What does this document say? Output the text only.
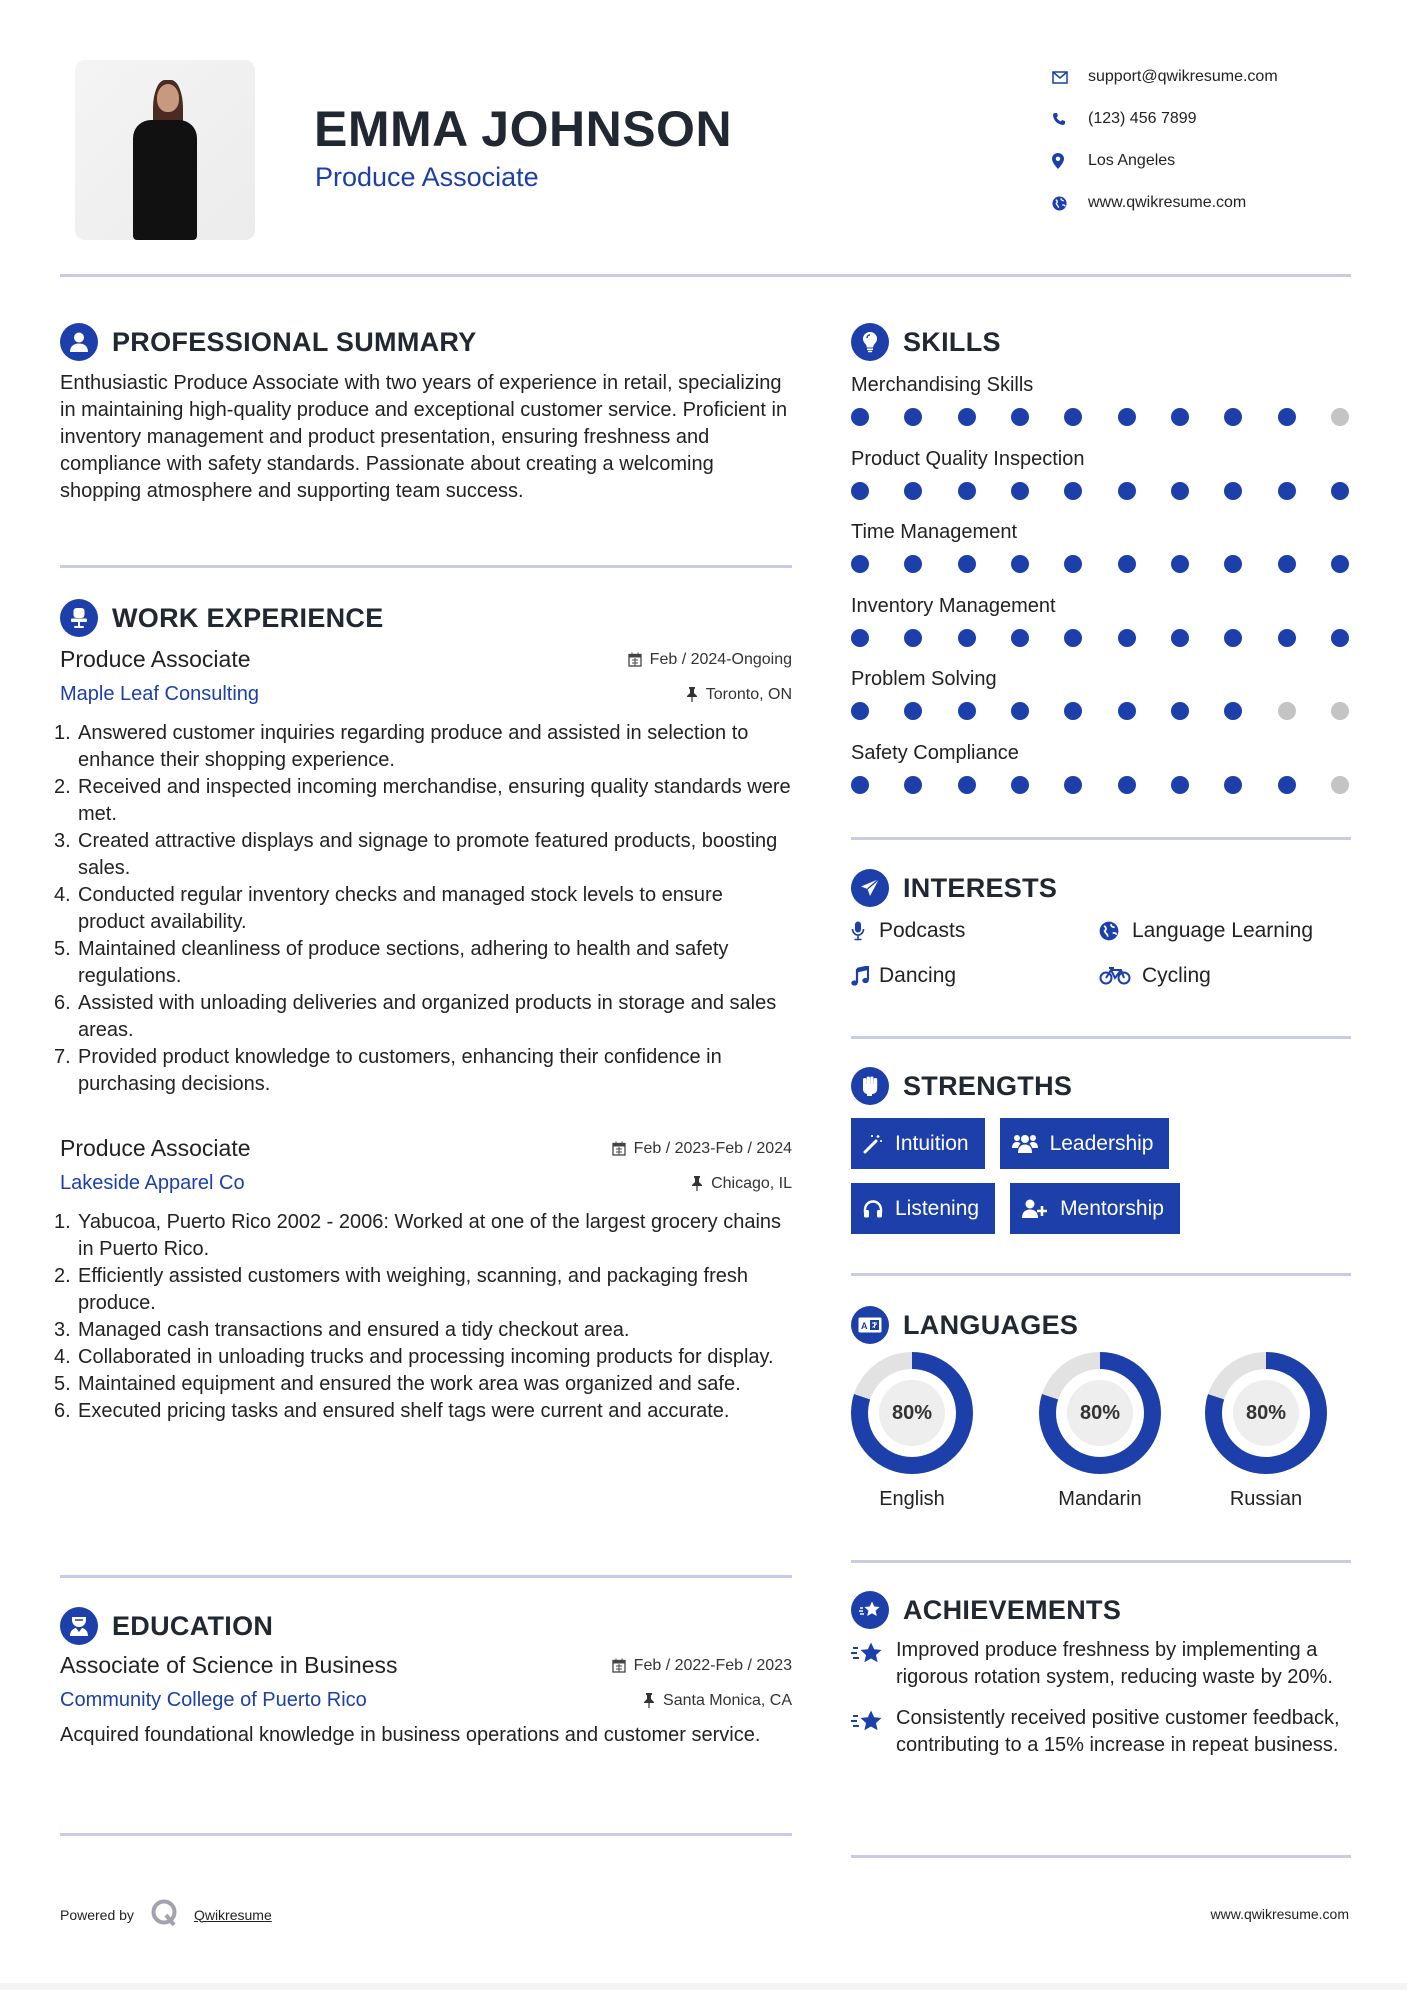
EMMA JOHNSON
Produce Associate
support@qwikresume.com
(123) 456 7899
Los Angeles
www.qwikresume.com
PROFESSIONAL SUMMARY
Enthusiastic Produce Associate with two years of experience in retail, specializing in maintaining high-quality produce and exceptional customer service. Proficient in inventory management and product presentation, ensuring freshness and compliance with safety standards. Passionate about creating a welcoming shopping atmosphere and supporting team success.
WORK EXPERIENCE
Produce Associate	Feb / 2024-Ongoing
Maple Leaf Consulting	Toronto, ON
1. Answered customer inquiries regarding produce and assisted in selection to enhance their shopping experience.
2. Received and inspected incoming merchandise, ensuring quality standards were met.
3. Created attractive displays and signage to promote featured products, boosting sales.
4. Conducted regular inventory checks and managed stock levels to ensure product availability.
5. Maintained cleanliness of produce sections, adhering to health and safety regulations.
6. Assisted with unloading deliveries and organized products in storage and sales areas.
7. Provided product knowledge to customers, enhancing their confidence in purchasing decisions.
Produce Associate	Feb / 2023-Feb / 2024
Lakeside Apparel Co	Chicago, IL
1. Yabucoa, Puerto Rico 2002 - 2006: Worked at one of the largest grocery chains in Puerto Rico.
2. Efficiently assisted customers with weighing, scanning, and packaging fresh produce.
3. Managed cash transactions and ensured a tidy checkout area.
4. Collaborated in unloading trucks and processing incoming products for display.
5. Maintained equipment and ensured the work area was organized and safe.
6. Executed pricing tasks and ensured shelf tags were current and accurate.
EDUCATION
Associate of Science in Business	Feb / 2022-Feb / 2023
Community College of Puerto Rico	Santa Monica, CA
Acquired foundational knowledge in business operations and customer service.
SKILLS
Merchandising Skills
Product Quality Inspection
Time Management
Inventory Management
Problem Solving
Safety Compliance
INTERESTS
Podcasts	Language Learning
Dancing	Cycling
STRENGTHS
Intuition	Leadership
Listening	Mentorship
A LANGUAGES
80%
English
80%
Mandarin
80%
Russian
ACHIEVEMENTS
Improved produce freshness by implementing a rigorous rotation system, reducing waste by 20%.
Consistently received positive customer feedback, contributing to a 15% increase in repeat business.
Powered by	Qwikresume	www.qwikresume.com
